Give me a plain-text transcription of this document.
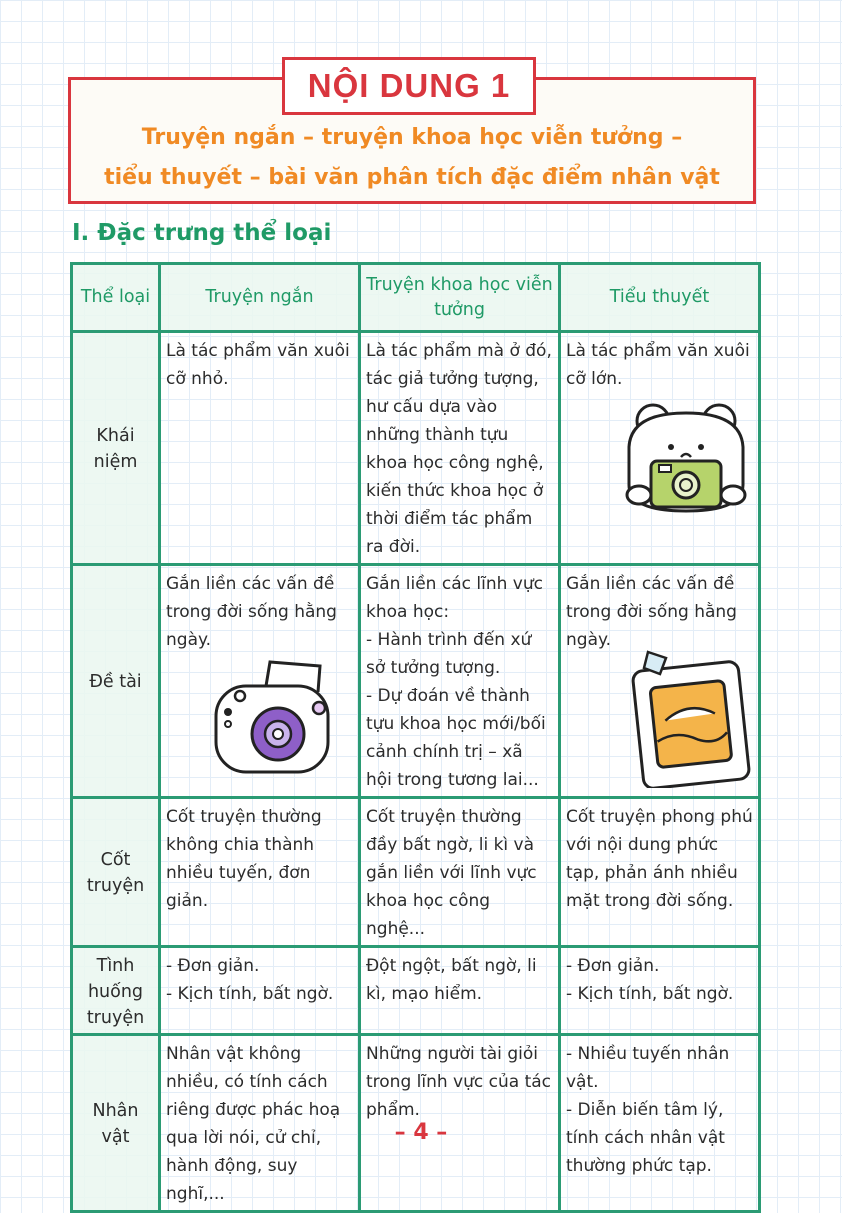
NỘI DUNG 1
Truyện ngắn – truyện khoa học viễn tưởng –
tiểu thuyết – bài văn phân tích đặc điểm nhân vật
I. Đặc trưng thể loại
Thể loại	Truyện ngắn	Truyện khoa học viễn tưởng	Tiểu thuyết
Khái niệm	Là tác phẩm văn xuôi cỡ nhỏ.	Là tác phẩm mà ở đó, tác giả tưởng tượng, hư cấu dựa vào những thành tựu khoa học công nghệ, kiến thức khoa học ở thời điểm tác phẩm ra đời.	Là tác phẩm văn xuôi cỡ lớn.

Đề tài	Gắn liền các vấn đề trong đời sống hằng ngày.	Gắn liền các lĩnh vực khoa học:
- Hành trình đến xứ sở tưởng tượng.
- Dự đoán về thành tựu khoa học mới/bối cảnh chính trị – xã hội trong tương lai...	Gắn liền các vấn đề trong đời sống hằng ngày.

Cốt truyện	Cốt truyện thường không chia thành nhiều tuyến, đơn giản.	Cốt truyện thường đầy bất ngờ, li kì và gắn liền với lĩnh vực khoa học công nghệ...	Cốt truyện phong phú với nội dung phức tạp, phản ánh nhiều mặt trong đời sống.

Tình huống truyện	- Đơn giản.
- Kịch tính, bất ngờ.	Đột ngột, bất ngờ, li kì, mạo hiểm.	- Đơn giản.
- Kịch tính, bất ngờ.

Nhân vật	Nhân vật không nhiều, có tính cách riêng được phác hoạ qua lời nói, cử chỉ, hành động, suy nghĩ,...	Những người tài giỏi trong lĩnh vực của tác phẩm.	- Nhiều tuyến nhân vật.
- Diễn biến tâm lý, tính cách nhân vật thường phức tạp.
– 4 –
